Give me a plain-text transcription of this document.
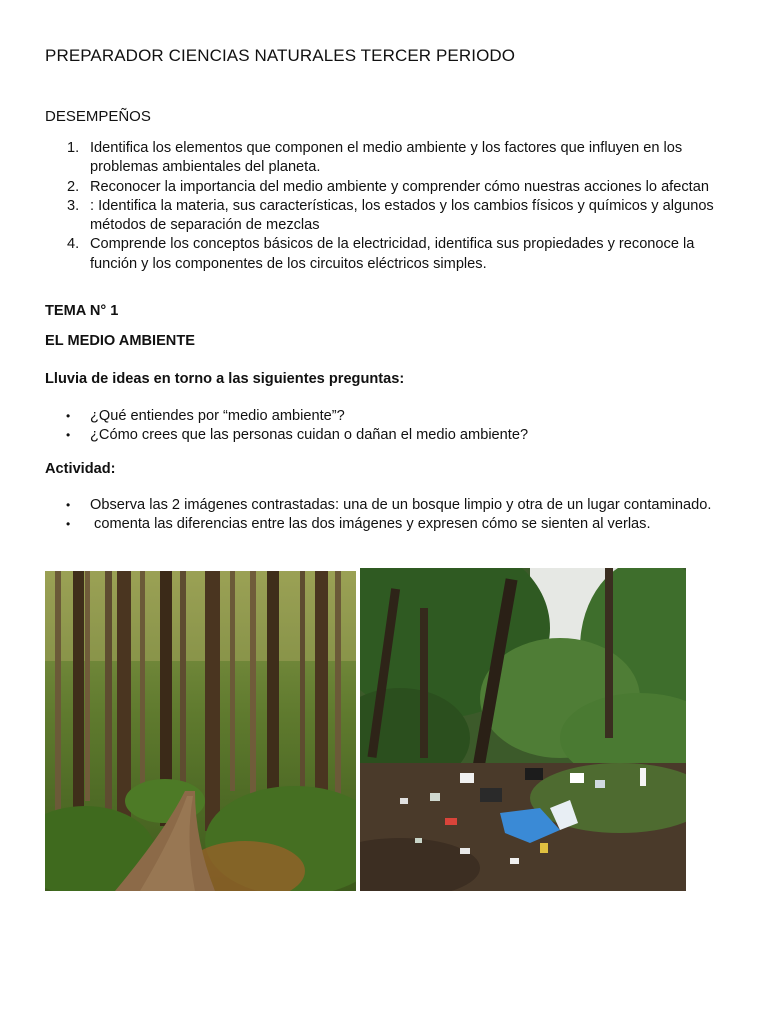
PREPARADOR CIENCIAS NATURALES TERCER PERIODO
DESEMPEÑOS
1. Identifica los elementos que componen el medio ambiente y los factores que influyen en los problemas ambientales del planeta.
2. Reconocer la importancia del medio ambiente y comprender cómo nuestras acciones lo afectan
3. : Identifica la materia, sus características, los estados y los cambios físicos y químicos y algunos métodos de separación de mezclas
4. Comprende los conceptos básicos de la electricidad, identifica sus propiedades y reconoce la función y los componentes de los circuitos eléctricos simples.
TEMA N° 1
EL MEDIO AMBIENTE
Lluvia de ideas en torno a las siguientes preguntas:
• ¿Qué entiendes por “medio ambiente”?
• ¿Cómo crees que las personas cuidan o dañan el medio ambiente?
Actividad:
• Observa las 2 imágenes contrastadas: una de un bosque limpio y otra de un lugar contaminado.
• comenta las diferencias entre las dos imágenes y expresen cómo se sienten al verlas.
